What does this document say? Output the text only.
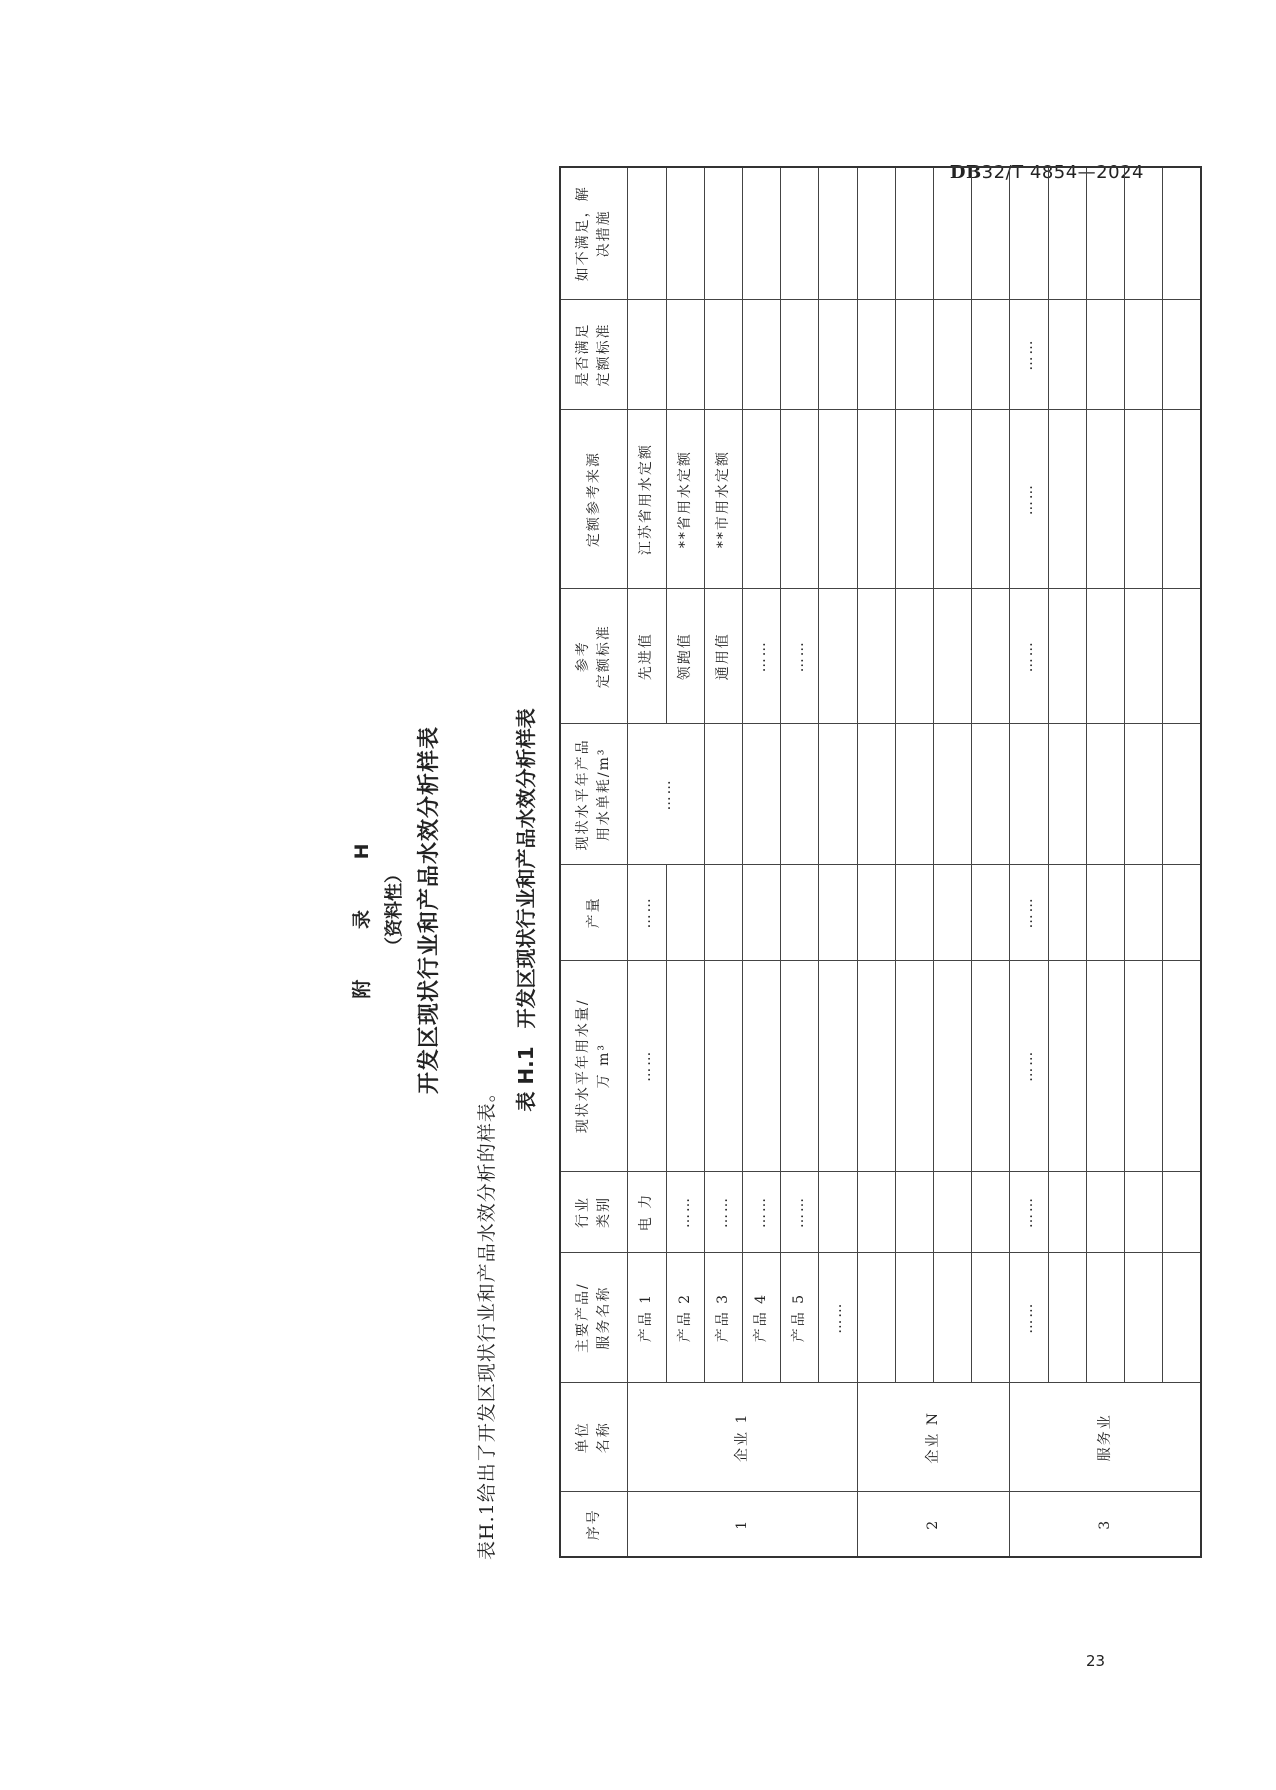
DB32/T 4854—2024
附 录 H （资料性） 开发区现状行业和产品水效分析样表
表H.1给出了开发区现状行业和产品水效分析的样表。
表 H.1开发区现状行业和产品水效分析样表
序号	单位 名称	主要产品/ 服务名称	行业 类别	现状水平年用水量/ 万 m³	产量	现状水平年产品 用水单耗/m³	参考 定额标准	定额参考来源	是否满足 定额标准	如不满足，解 决措施
1	企业 1	产品 1	电 力	……	……	……	先进值	江苏省用水定额		
		产品 2	……				领跑值	**省用水定额		
		产品 3	……				通用值	**市用水定额		
		产品 4	……				……			
		产品 5	……				……			
		……								
2	企业 N									

3	服务业	……	……	……	……		……	……	……	

23
